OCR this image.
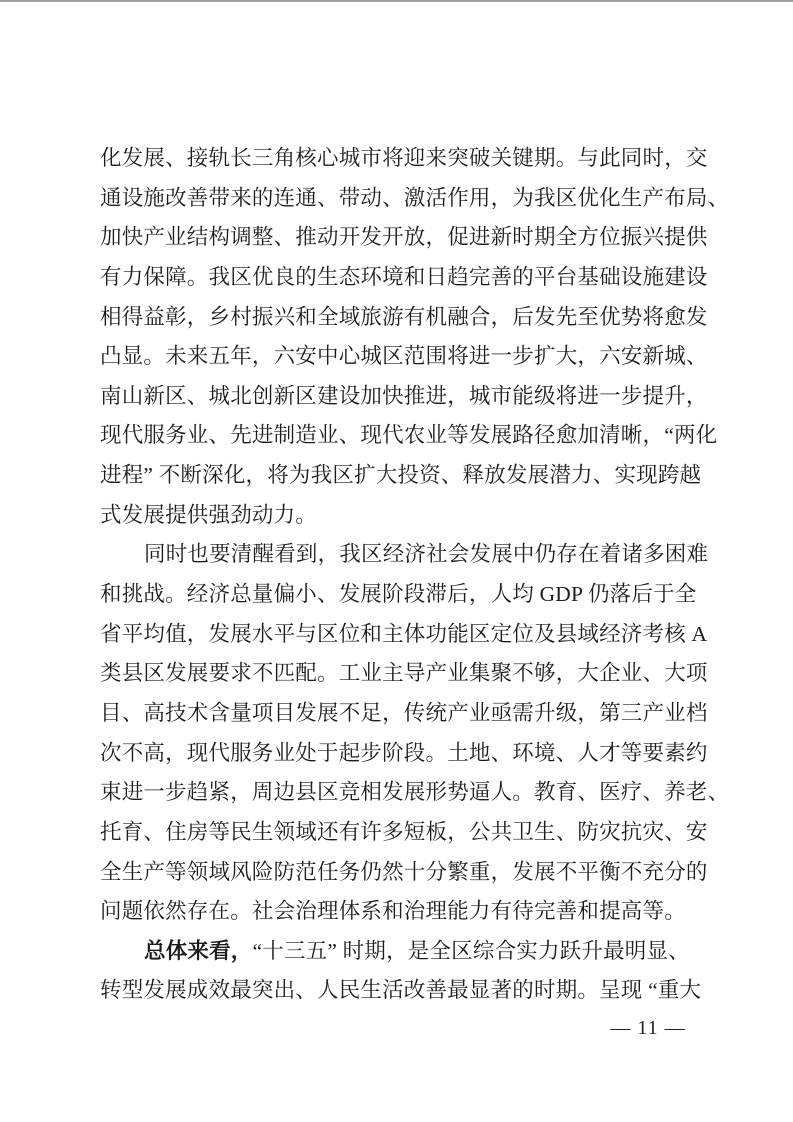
化发展、接轨长三角核心城市将迎来突破关键期。与此同时，交
通设施改善带来的连通、带动、激活作用，为我区优化生产布局、
加快产业结构调整、推动开发开放，促进新时期全方位振兴提供
有力保障。我区优良的生态环境和日趋完善的平台基础设施建设
相得益彰，乡村振兴和全域旅游有机融合，后发先至优势将愈发
凸显。未来五年，六安中心城区范围将进一步扩大，六安新城、
南山新区、城北创新区建设加快推进，城市能级将进一步提升，
现代服务业、先进制造业、现代农业等发展路径愈加清晰，“两化
进程” 不断深化，将为我区扩大投资、释放发展潜力、实现跨越
式发展提供强劲动力。
同时也要清醒看到，我区经济社会发展中仍存在着诸多困难
和挑战。经济总量偏小、发展阶段滞后，人均 GDP 仍落后于全
省平均值，发展水平与区位和主体功能区定位及县域经济考核 A
类县区发展要求不匹配。工业主导产业集聚不够，大企业、大项
目、高技术含量项目发展不足，传统产业亟需升级，第三产业档
次不高，现代服务业处于起步阶段。土地、环境、人才等要素约
束进一步趋紧，周边县区竞相发展形势逼人。教育、医疗、养老、
托育、住房等民生领域还有许多短板，公共卫生、防灾抗灾、安
全生产等领域风险防范任务仍然十分繁重，发展不平衡不充分的
问题依然存在。社会治理体系和治理能力有待完善和提高等。
总体来看，“十三五” 时期，是全区综合实力跃升最明显、
转型发展成效最突出、人民生活改善最显著的时期。呈现 “重大
— 11 —
